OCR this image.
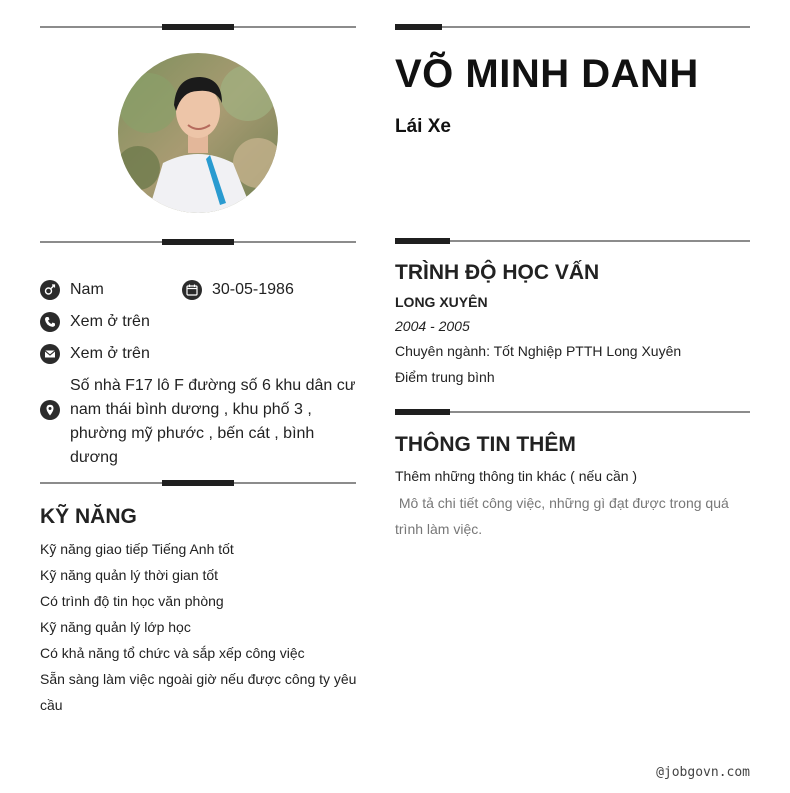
Nam	30-05-1986
Xem ở trên
Xem ở trên
Số nhà F17 lô F đường số 6 khu dân cư nam thái bình dương , khu phố 3 , phường mỹ phước , bến cát , bình dương
KỸ NĂNG
Kỹ năng giao tiếp Tiếng Anh tốt
Kỹ năng quản lý thời gian tốt
Có trình độ tin học văn phòng
Kỹ năng quản lý lớp học
Có khả năng tổ chức và sắp xếp công việc
Sẵn sàng làm việc ngoài giờ nếu được công ty yêu cầu
VÕ MINH DANH
Lái Xe
TRÌNH ĐỘ HỌC VẤN
LONG XUYÊN
2004 - 2005
Chuyên ngành: Tốt Nghiệp PTTH Long Xuyên
Điểm trung bình
THÔNG TIN THÊM
Thêm những thông tin khác ( nếu cần )
Mô tả chi tiết công việc, những gì đạt được trong quá trình làm việc.
@jobgovn.com
